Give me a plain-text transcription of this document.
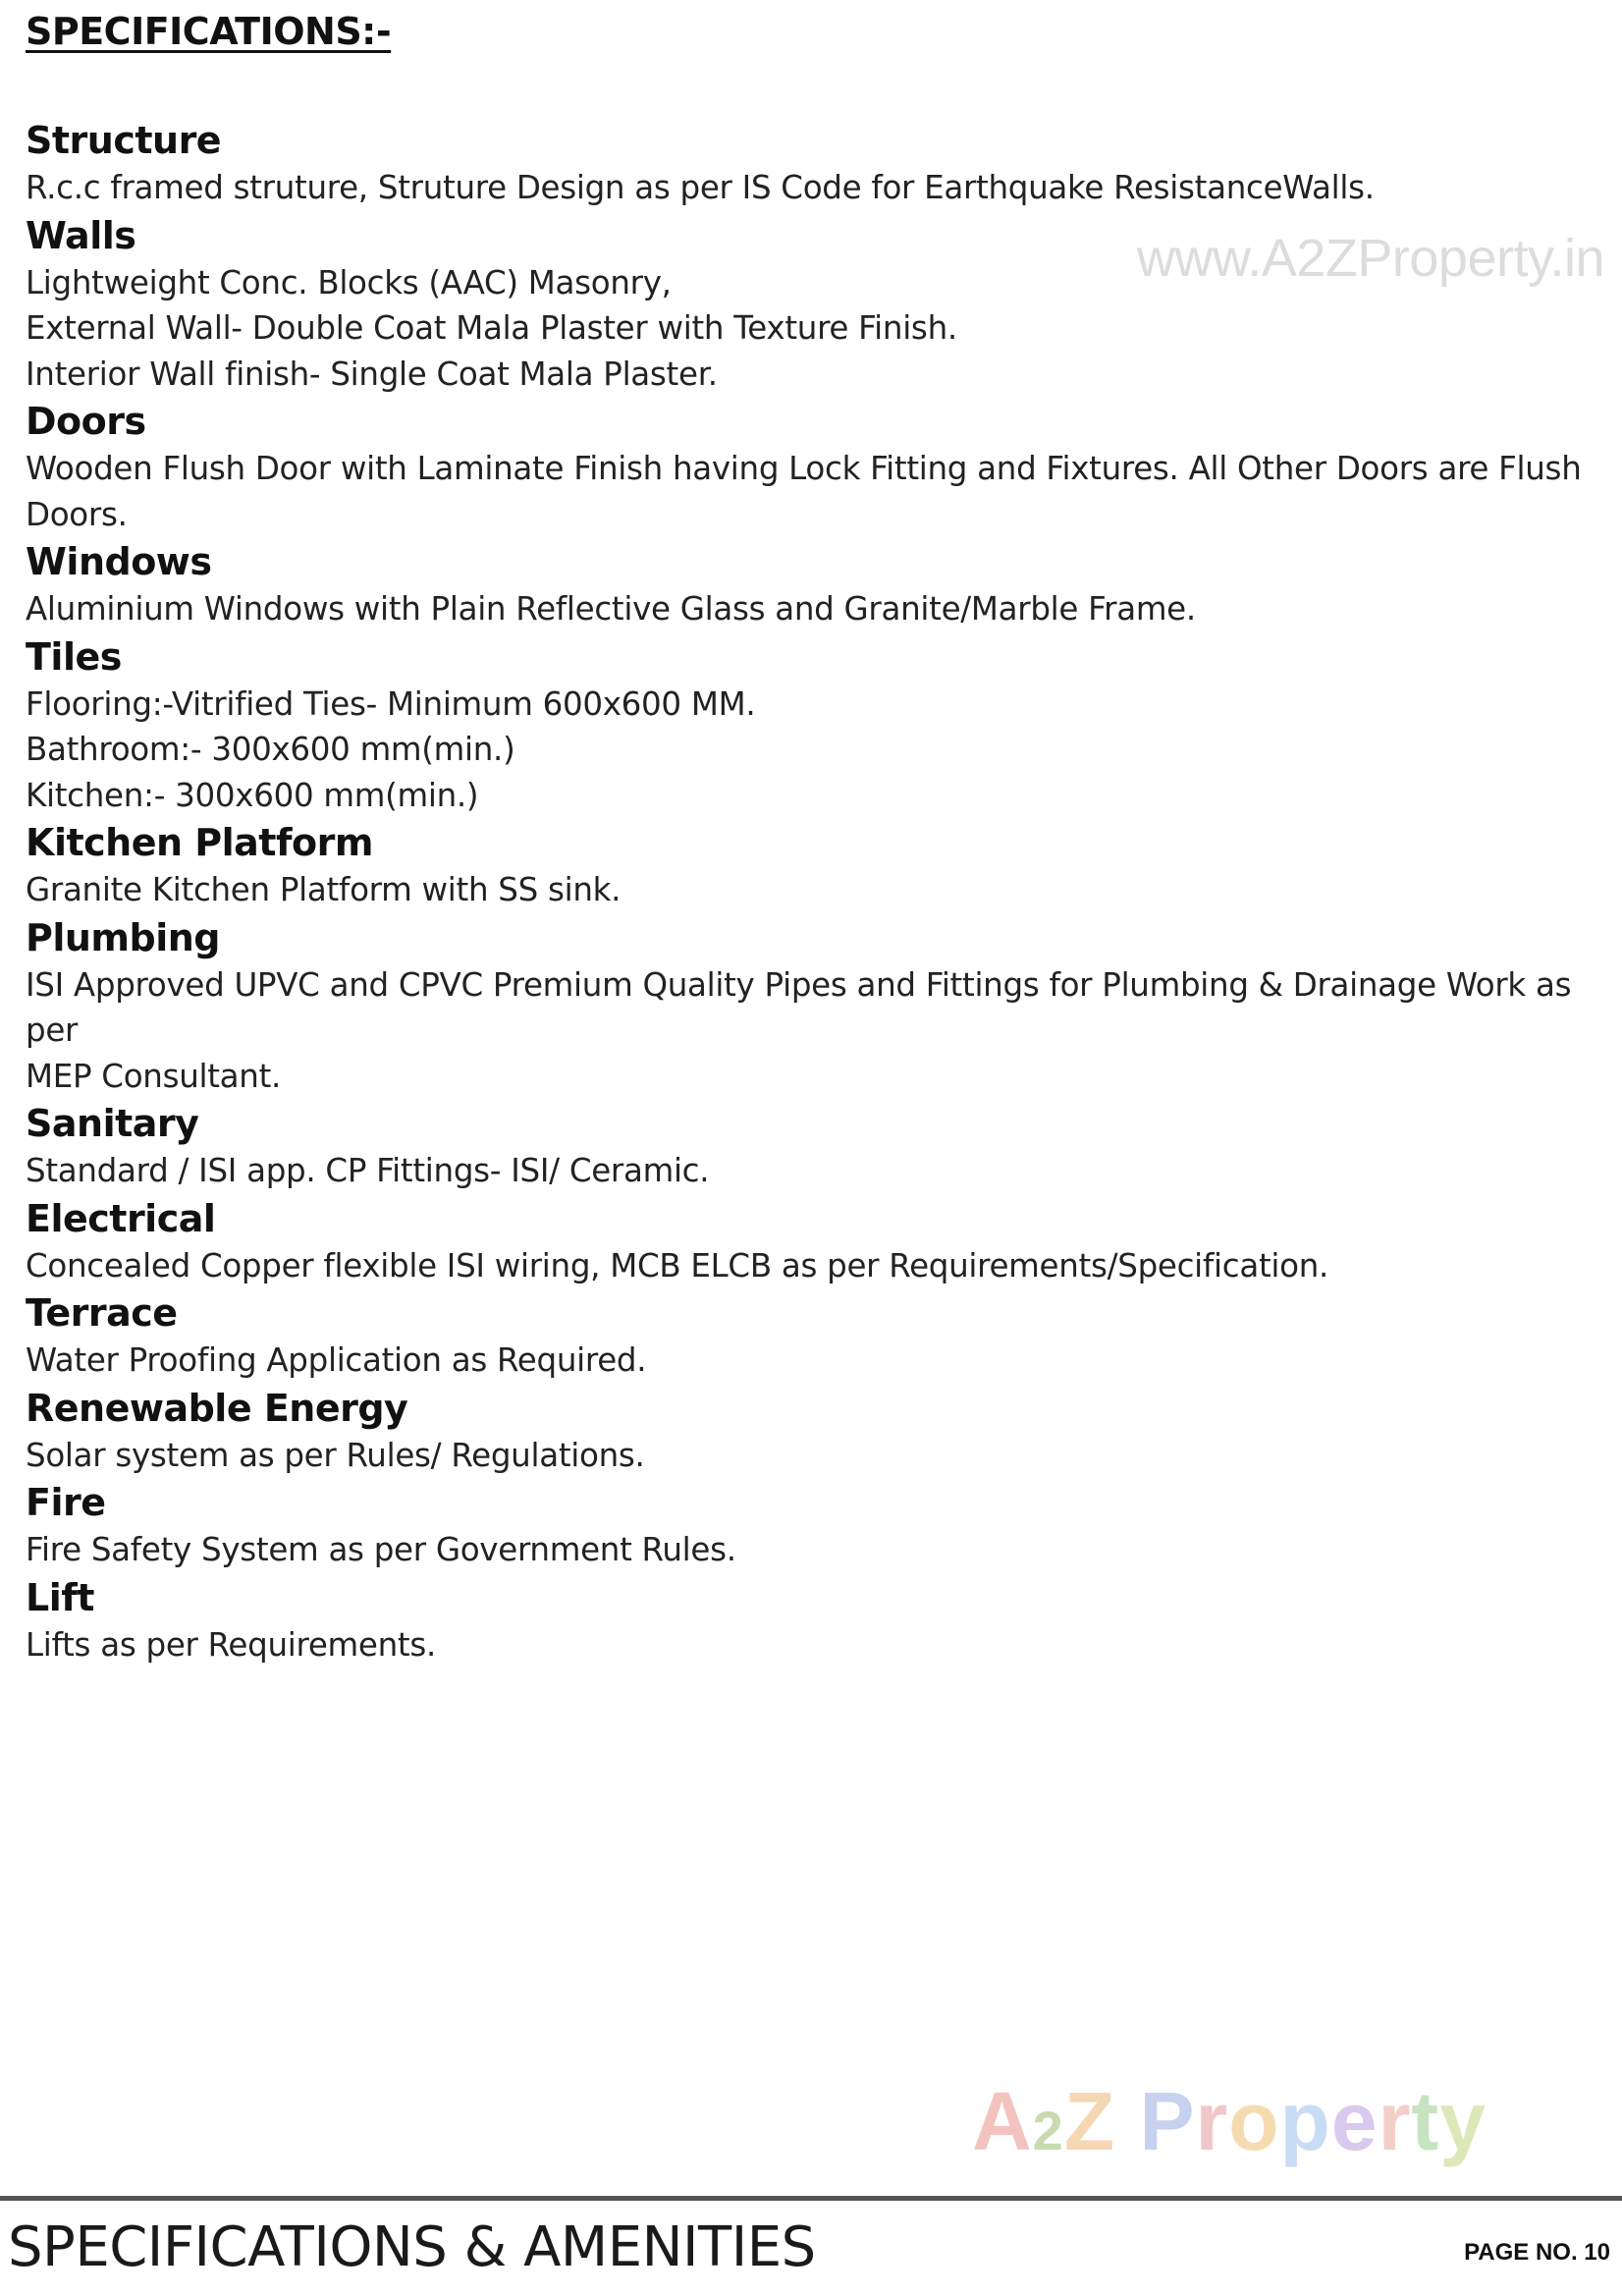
SPECIFICATIONS:-
www.A2ZProperty.in
Structure
R.c.c framed struture, Struture Design as per IS Code for Earthquake ResistanceWalls.
Walls
Lightweight Conc. Blocks (AAC) Masonry,
External Wall- Double Coat Mala Plaster with Texture Finish.
Interior Wall finish- Single Coat Mala Plaster.
Doors
Wooden Flush Door with Laminate Finish having Lock Fitting and Fixtures. All Other Doors are Flush
Doors.
Windows
Aluminium Windows with Plain Reflective Glass and Granite/Marble Frame.
Tiles
Flooring:-Vitrified Ties- Minimum 600x600 MM.
Bathroom:- 300x600 mm(min.)
Kitchen:- 300x600 mm(min.)
Kitchen Platform
Granite Kitchen Platform with SS sink.
Plumbing
ISI Approved UPVC and CPVC Premium Quality Pipes and Fittings for Plumbing & Drainage Work as per
MEP Consultant.
Sanitary
Standard / ISI app. CP Fittings- ISI/ Ceramic.
Electrical
Concealed Copper flexible ISI wiring, MCB ELCB as per Requirements/Specification.
Terrace
Water Proofing Application as Required.
Renewable Energy
Solar system as per Rules/ Regulations.
Fire
Fire Safety System as per Government Rules.
Lift
Lifts as per Requirements.
A2Z Property
SPECIFICATIONS & AMENITIES	PAGE NO. 10
